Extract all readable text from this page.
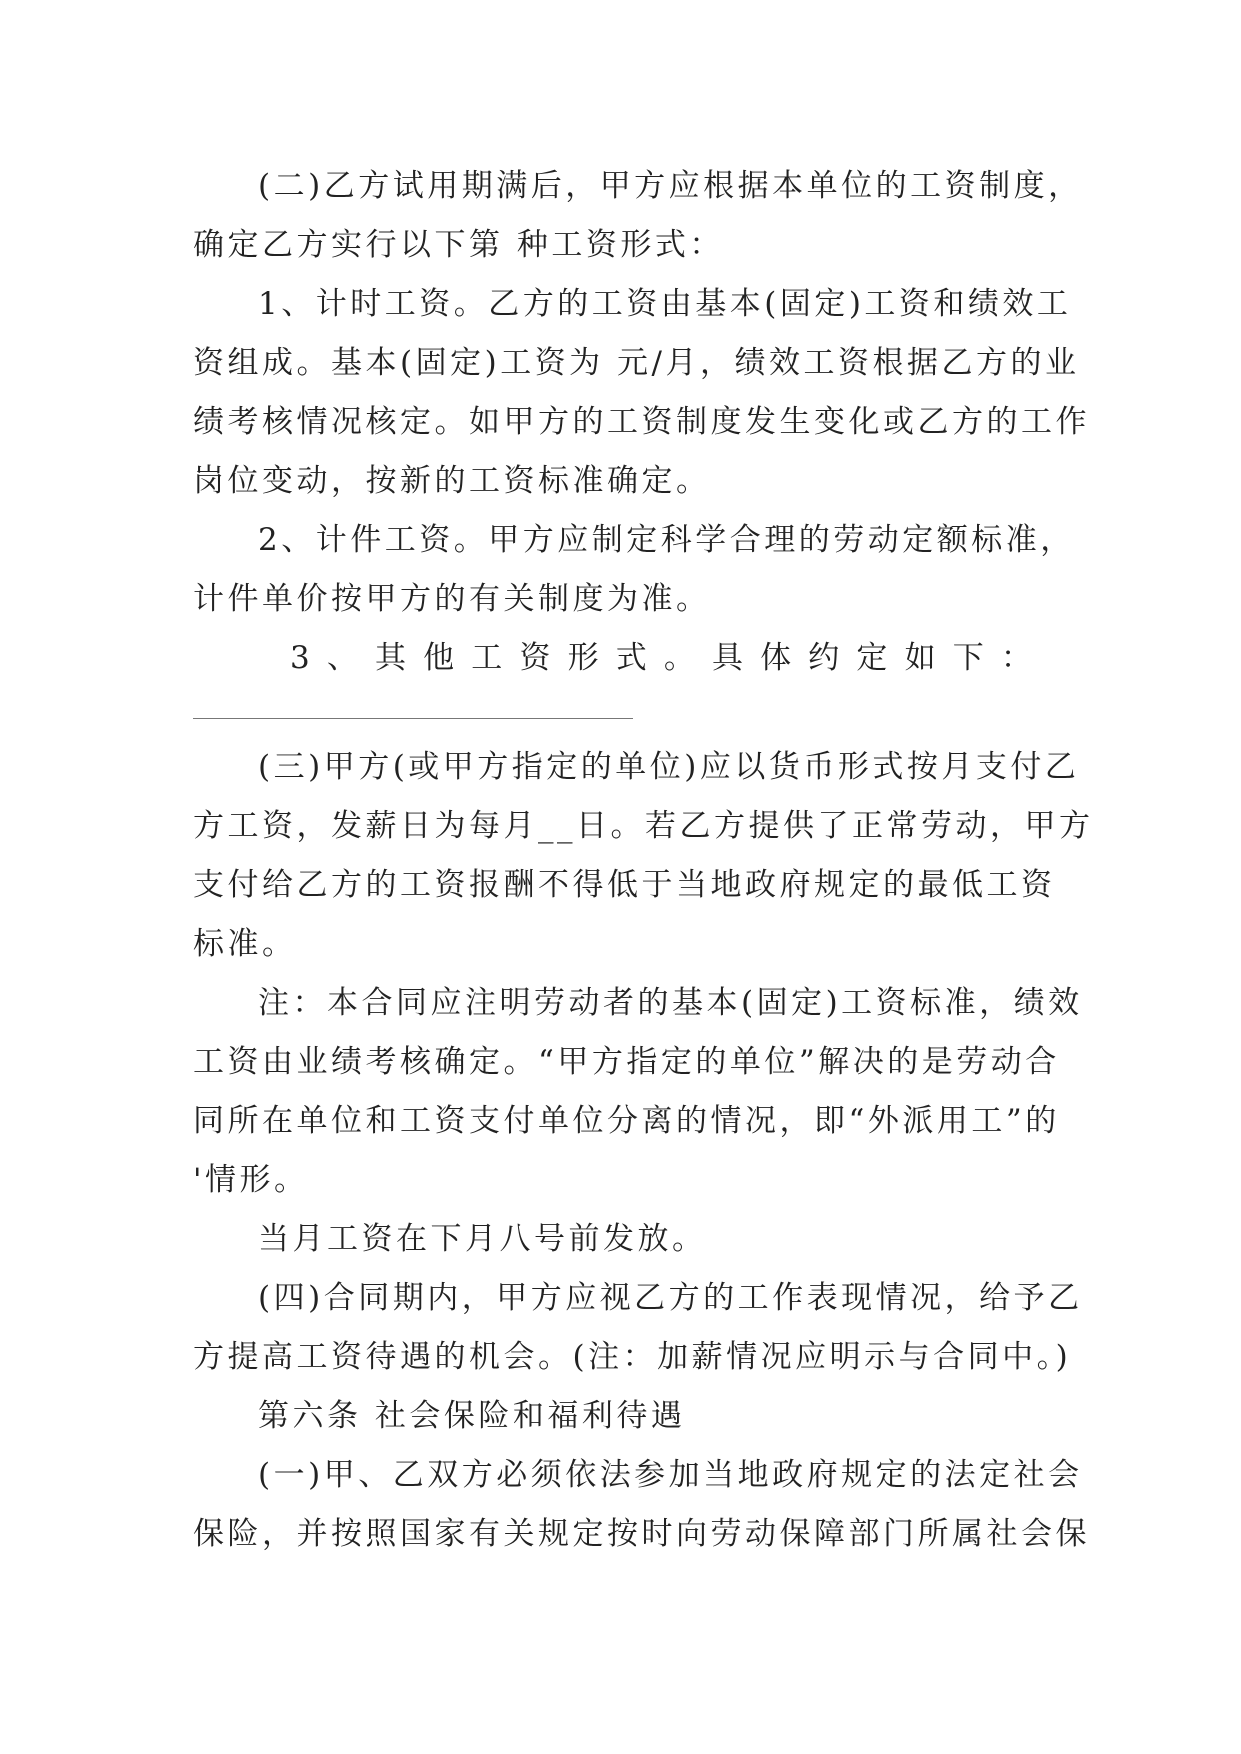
(二)乙方试用期满后，甲方应根据本单位的工资制度，
确定乙方实行以下第 种工资形式：
1、计时工资。乙方的工资由基本(固定)工资和绩效工
资组成。基本(固定)工资为 元/月，绩效工资根据乙方的业
绩考核情况核定。如甲方的工资制度发生变化或乙方的工作
岗位变动，按新的工资标准确定。
2、计件工资。甲方应制定科学合理的劳动定额标准，
计件单价按甲方的有关制度为准。
3 、 其 他 工 资 形 式 。 具 体 约 定 如 下 ：
(三)甲方(或甲方指定的单位)应以货币形式按月支付乙
方工资，发薪日为每月__日。若乙方提供了正常劳动，甲方
支付给乙方的工资报酬不得低于当地政府规定的最低工资
标准。
注：本合同应注明劳动者的基本(固定)工资标准，绩效
工资由业绩考核确定。“甲方指定的单位”解决的是劳动合
同所在单位和工资支付单位分离的情况，即“外派用工”的
'情形。
当月工资在下月八号前发放。
(四)合同期内，甲方应视乙方的工作表现情况，给予乙
方提高工资待遇的机会。(注：加薪情况应明示与合同中。)
第六条 社会保险和福利待遇
(一)甲、乙双方必须依法参加当地政府规定的法定社会
保险，并按照国家有关规定按时向劳动保障部门所属社会保
